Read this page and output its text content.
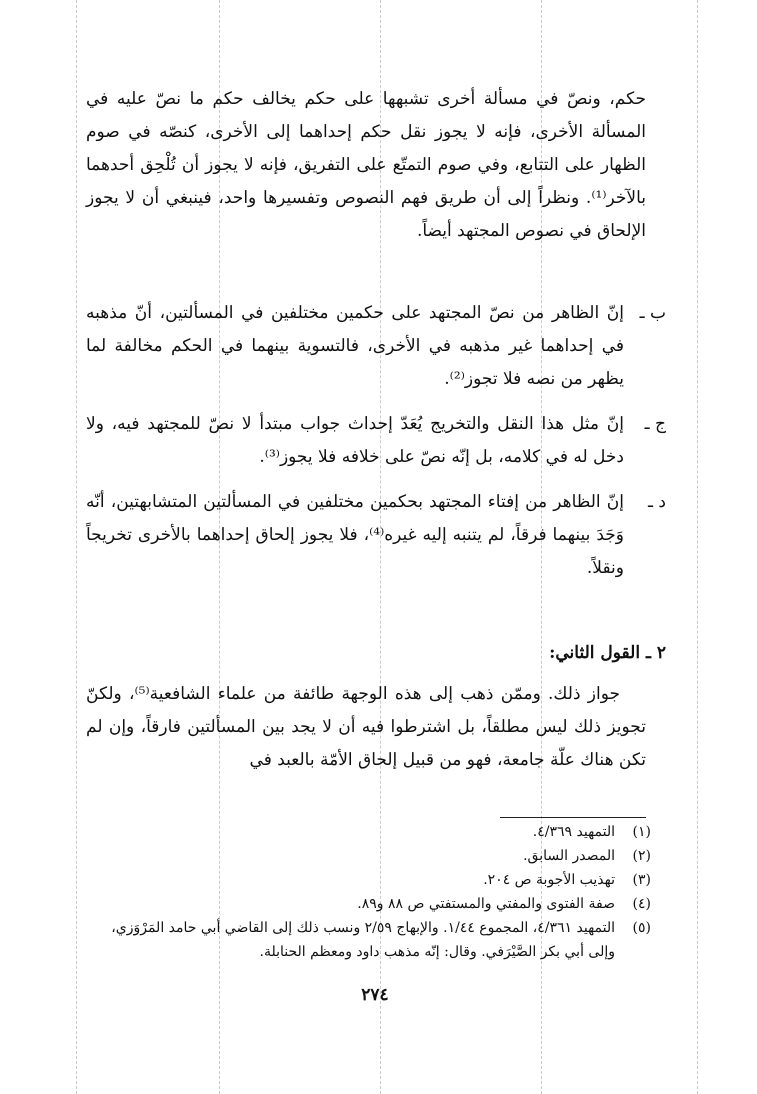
حكم، ونصّ في مسألة أخرى تشبهها على حكم يخالف حكم ما نصّ عليه في المسألة الأخرى، فإنه لا يجوز نقل حكم إحداهما إلى الأخرى، كنصّه في صوم الظهار على التتابع، وفي صوم التمتّع على التفريق، فإنه لا يجوز أن تُلْحِق أحدهما بالآخر⁽¹⁾. ونظراً إلى أن طريق فهم النصوص وتفسيرها واحد، فينبغي أن لا يجوز الإلحاق في نصوص المجتهد أيضاً.

ب ـ
إنّ الظاهر من نصّ المجتهد على حكمين مختلفين في المسألتين، أنّ مذهبه في إحداهما غير مذهبه في الأخرى، فالتسوية بينهما في الحكم مخالفة لما يظهر من نصه فلا تجوز⁽²⁾.
ج ـ
إنّ مثل هذا النقل والتخريج يُعَدّ إحداث جواب مبتدأ لا نصّ للمجتهد فيه، ولا دخل له في كلامه، بل إنّه نصّ على خلافه فلا يجوز⁽³⁾.
د ـ
إنّ الظاهر من إفتاء المجتهد بحكمين مختلفين في المسألتين المتشابهتين، أنّه وَجَدَ بينهما فرقاً، لم يتنبه إليه غيره⁽⁴⁾، فلا يجوز إلحاق إحداهما بالأخرى تخريجاً ونقلاً.
٢ ـ القول الثاني:

جواز ذلك. وممّن ذهب إلى هذه الوجهة طائفة من علماء الشافعية⁽⁵⁾، ولكنّ تجويز ذلك ليس مطلقاً، بل اشترطوا فيه أن لا يجد بين المسألتين فارقاً، وإن لم تكن هناك علّة جامعة، فهو من قبيل إلحاق الأمّة بالعبد في

(١)
التمهيد ٤/٣٦٩.
(٢)
المصدر السابق.
(٣)
تهذيب الأجوبة ص ٢٠٤.
(٤)
صفة الفتوى والمفتي والمستفتي ص ٨٨ و٨٩.
(٥)
التمهيد ٤/٣٦١، المجموع ١/٤٤. والإبهاج ٢/٥٩ ونسب ذلك إلى القاضي أبي حامد المَرْوَزي، وإلى أبي بكر الصَّيْرَفي. وقال: إنّه مذهب داود ومعظم الحنابلة.
٢٧٤
